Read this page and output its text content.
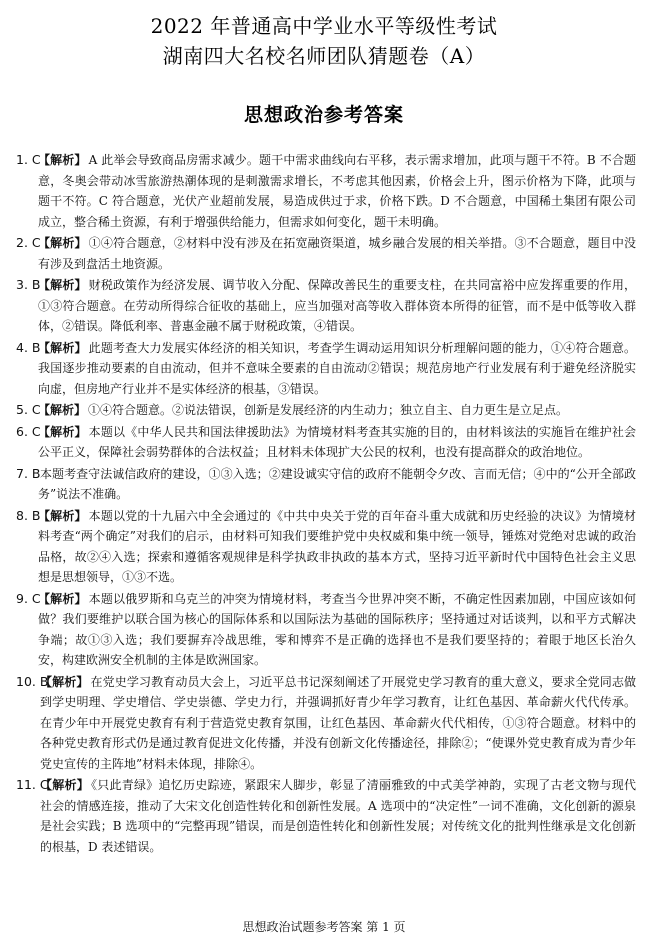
2022 年普通高中学业水平等级性考试
湖南四大名校名师团队猜题卷（A）
思想政治参考答案
1. C
【解析】 A 此举会导致商品房需求减少。题干中需求曲线向右平移，表示需求增加，此项与题干不符。B 不合题意，冬奥会带动冰雪旅游热潮体现的是刺激需求增长，不考虑其他因素，价格会上升，图示价格为下降，此项与题干不符。C 符合题意，光伏产业超前发展，易造成供过于求，价格下跌。D 不合题意，中国稀土集团有限公司成立，整合稀土资源，有利于增强供给能力，但需求如何变化，题干未明确。
2. C
【解析】 ①④符合题意，②材料中没有涉及在拓宽融资渠道，城乡融合发展的相关举措。③不合题意，题目中没有涉及到盘活土地资源。
3. B
【解析】 财税政策作为经济发展、调节收入分配、保障改善民生的重要支柱，在共同富裕中应发挥重要的作用，①③符合题意。在劳动所得综合征收的基础上，应当加强对高等收入群体资本所得的征管，而不是中低等收入群体，②错误。降低利率、普惠金融不属于财税政策，④错误。
4. B
【解析】 此题考查大力发展实体经济的相关知识，考查学生调动运用知识分析理解问题的能力，①④符合题意。我国逐步推动要素的自由流动，但并不意味全要素的自由流动②错误；规范房地产行业发展有利于避免经济脱实向虚，但房地产行业并不是实体经济的根基，③错误。
5. C
【解析】 ①④符合题意。②说法错误，创新是发展经济的内生动力；独立自主、自力更生是立足点。
6. C
【解析】 本题以《中华人民共和国法律援助法》为情境材料考查其实施的目的，由材料该法的实施旨在维护社会公平正义，保障社会弱势群体的合法权益；且材料未体现扩大公民的权利，也没有提高群众的政治地位。
7. B 本题考查守法诚信政府的建设，①③入选；②建设诚实守信的政府不能朝令夕改、言而无信；④中的“公开全部政务”说法不准确。
8. B
【解析】 本题以党的十九届六中全会通过的《中共中央关于党的百年奋斗重大成就和历史经验的决议》为情境材料考查“两个确定”对我们的启示，由材料可知我们要维护党中央权威和集中统一领导，锤炼对党绝对忠诚的政治品格，故②④入选；探索和遵循客观规律是科学执政非执政的基本方式，坚持习近平新时代中国特色社会主义思想是思想领导，①③不选。
9. C
【解析】 本题以俄罗斯和乌克兰的冲突为情境材料，考查当今世界冲突不断，不确定性因素加剧，中国应该如何做？我们要维护以联合国为核心的国际体系和以国际法为基础的国际秩序；坚持通过对话谈判，以和平方式解决争端；故①③入选；我们要摒弃冷战思维，零和博弈不是正确的选择也不是我们要坚持的；着眼于地区长治久安，构建欧洲安全机制的主体是欧洲国家。
10. B
【解析】 在党史学习教育动员大会上，习近平总书记深刻阐述了开展党史学习教育的重大意义，要求全党同志做到学史明理、学史增信、学史崇德、学史力行，并强调抓好青少年学习教育，让红色基因、革命薪火代代传承。在青少年中开展党史教育有利于营造党史教育氛围，让红色基因、革命薪火代代相传，①③符合题意。材料中的各种党史教育形式仍是通过教育促进文化传播，并没有创新文化传播途径，排除②；“使课外党史教育成为青少年党史宣传的主阵地”材料未体现，排除④。
11. C
【解析】 《只此青绿》追忆历史踪迹，紧跟宋人脚步，彰显了清丽雅致的中式美学神韵，实现了古老文物与现代社会的情感连接，推动了大宋文化创造性转化和创新性发展。A 选项中的“决定性”一词不准确，文化创新的源泉是社会实践；B 选项中的“完整再现”错误，而是创造性转化和创新性发展；对传统文化的批判性继承是文化创新的根基，D 表述错误。
思想政治试题参考答案 第 1 页
